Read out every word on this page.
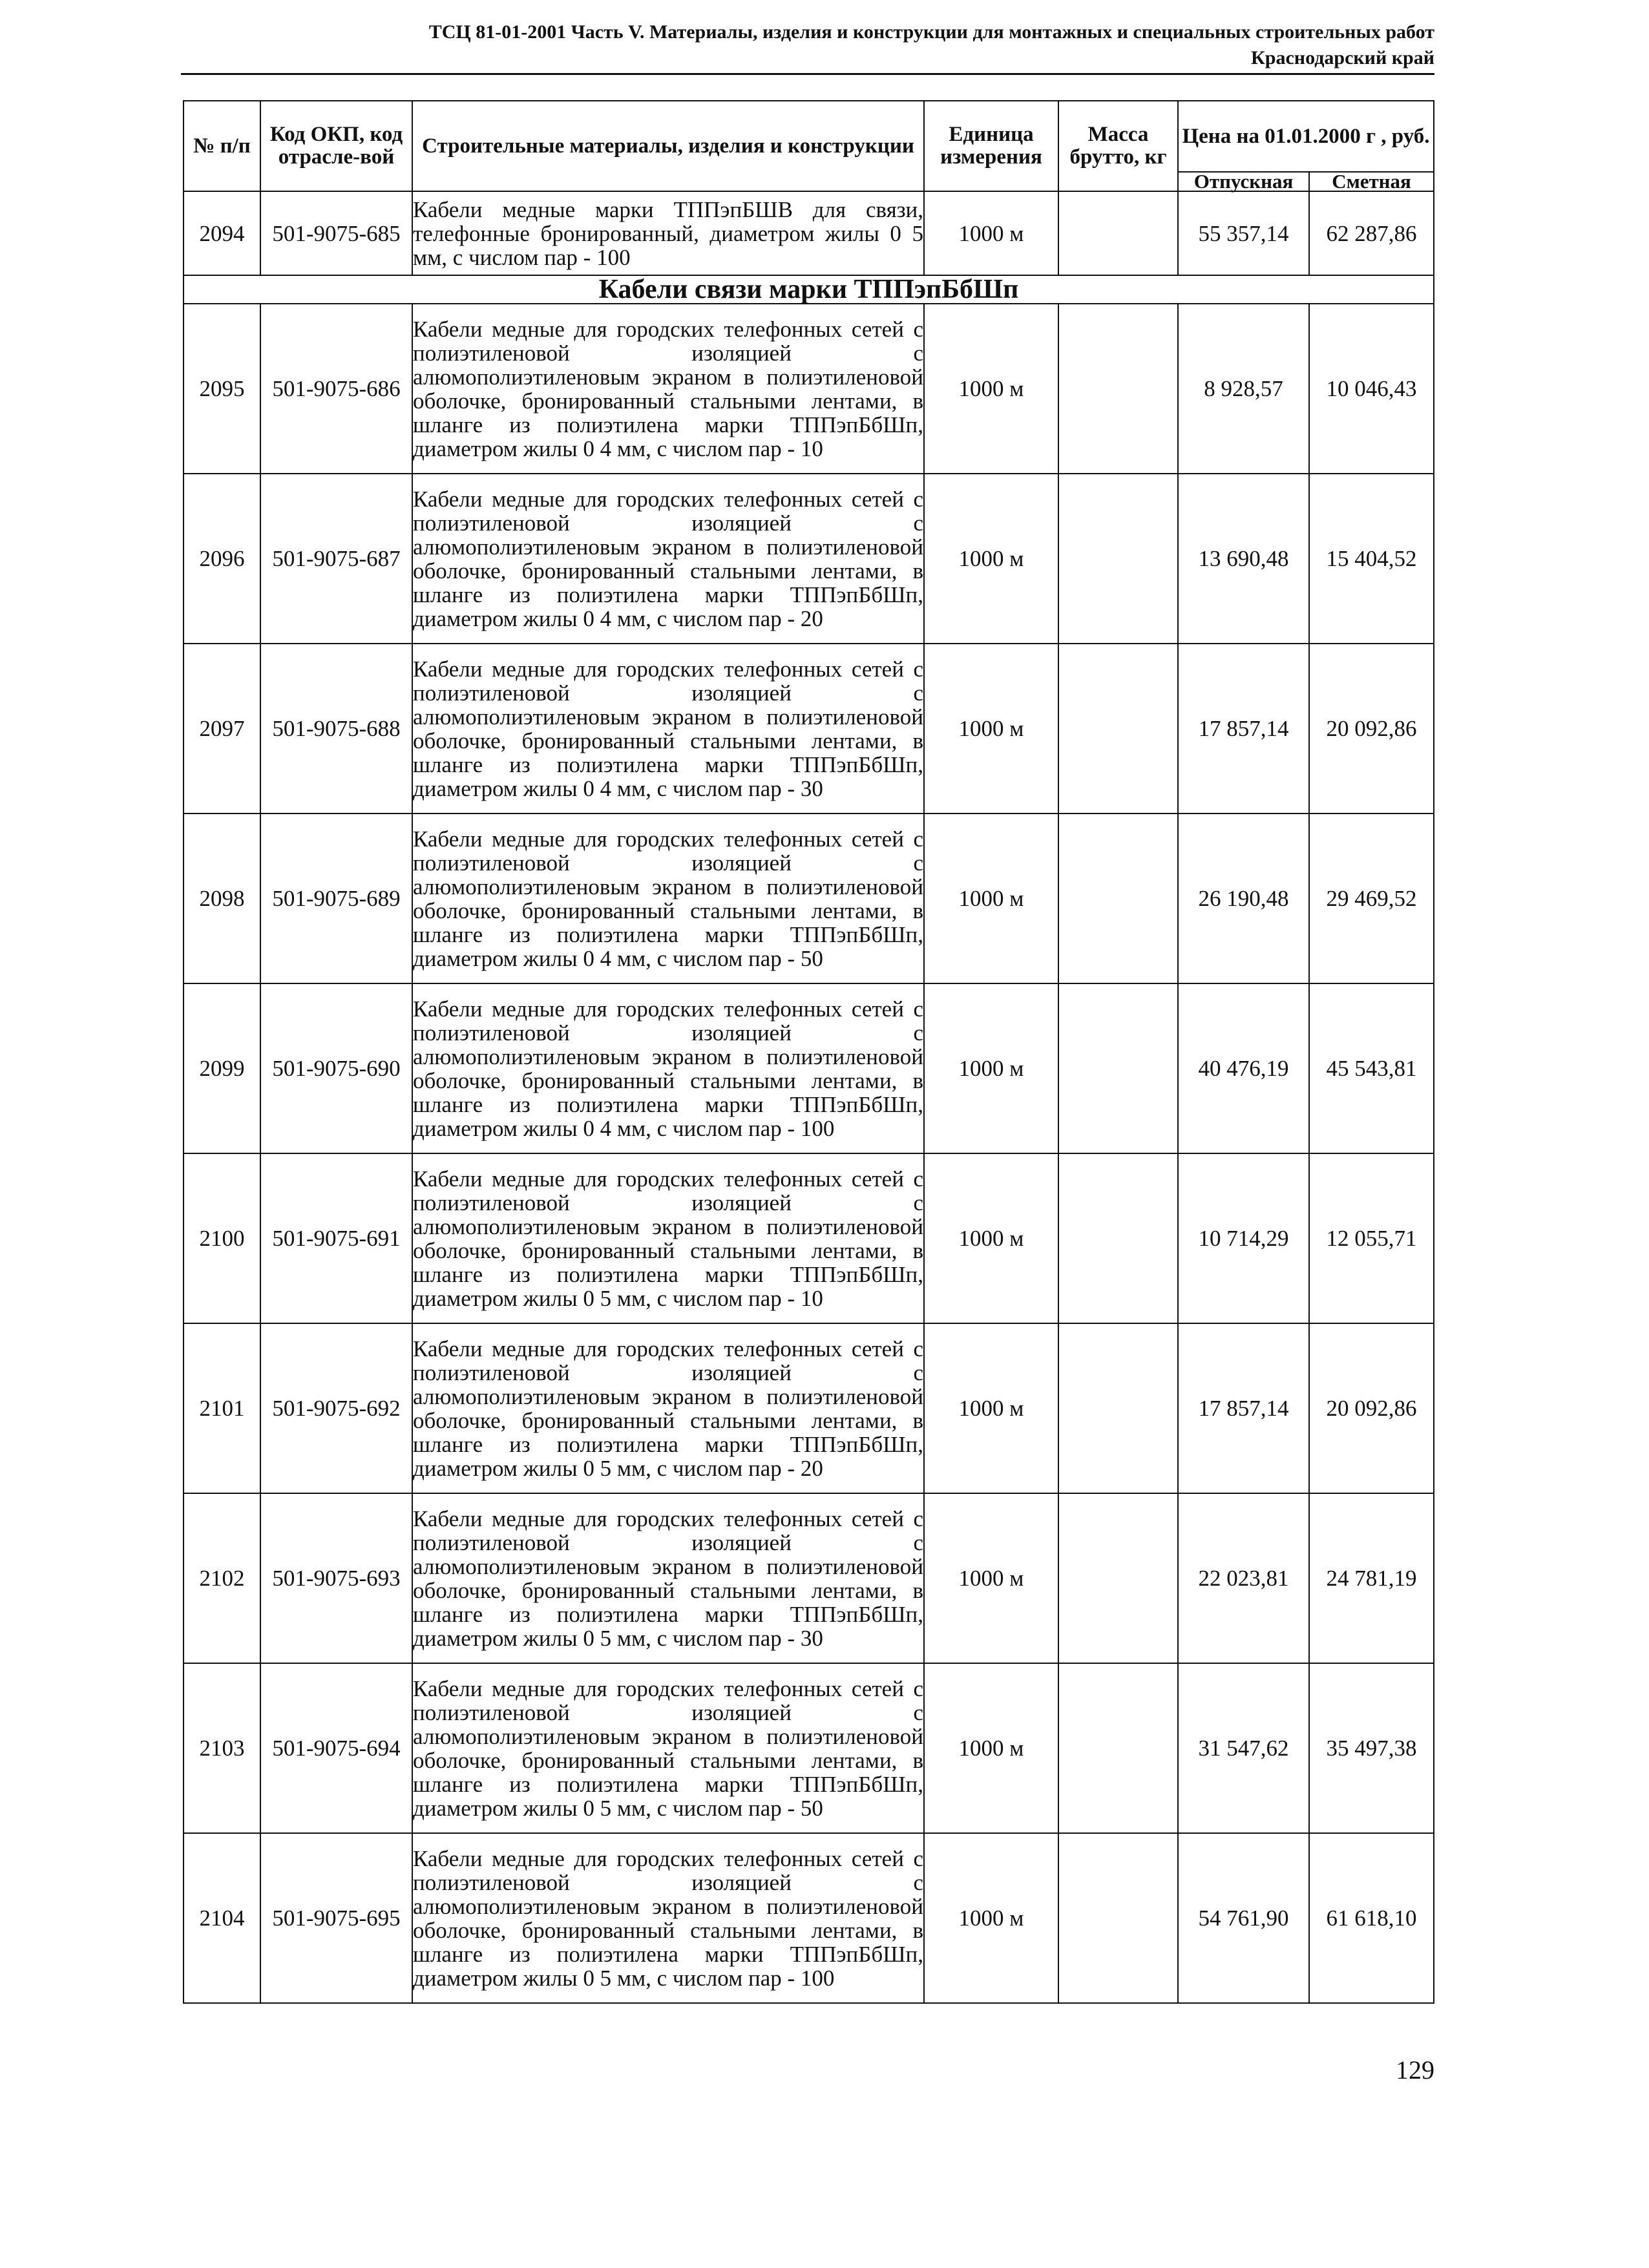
ТСЦ 81-01-2001 Часть V. Материалы, изделия и конструкции для монтажных и специальных строительных работ
Краснодарский край
№ п/п	Код ОКП, код отрасле-вой	Строительные материалы, изделия и конструкции	Единица измерения	Масса брутто, кг	Цена на 01.01.2000 г , руб.	
					Отпускная	Сметная
2094	501-9075-685	Кабели медные марки ТППэпБШВ для связи, телефонные бронированный, диаметром жилы 0 5 мм, с числом пар - 100	1000 м		55 357,14	62 287,86
Кабели связи марки ТППэпБбШп						
2095	501-9075-686	Кабели медные для городских телефонных сетей с полиэтиленовой изоляцией с алюмополиэтиленовым экраном в полиэтиленовой оболочке, бронированный стальными лентами, в шланге из полиэтилена марки ТППэпБбШп, диаметром жилы 0 4 мм, с числом пар - 10	1000 м		8 928,57	10 046,43
2096	501-9075-687	Кабели медные для городских телефонных сетей с полиэтиленовой изоляцией с алюмополиэтиленовым экраном в полиэтиленовой оболочке, бронированный стальными лентами, в шланге из полиэтилена марки ТППэпБбШп, диаметром жилы 0 4 мм, с числом пар - 20	1000 м		13 690,48	15 404,52
2097	501-9075-688	Кабели медные для городских телефонных сетей с полиэтиленовой изоляцией с алюмополиэтиленовым экраном в полиэтиленовой оболочке, бронированный стальными лентами, в шланге из полиэтилена марки ТППэпБбШп, диаметром жилы 0 4 мм, с числом пар - 30	1000 м		17 857,14	20 092,86
2098	501-9075-689	Кабели медные для городских телефонных сетей с полиэтиленовой изоляцией с алюмополиэтиленовым экраном в полиэтиленовой оболочке, бронированный стальными лентами, в шланге из полиэтилена марки ТППэпБбШп, диаметром жилы 0 4 мм, с числом пар - 50	1000 м		26 190,48	29 469,52
2099	501-9075-690	Кабели медные для городских телефонных сетей с полиэтиленовой изоляцией с алюмополиэтиленовым экраном в полиэтиленовой оболочке, бронированный стальными лентами, в шланге из полиэтилена марки ТППэпБбШп, диаметром жилы 0 4 мм, с числом пар - 100	1000 м		40 476,19	45 543,81
2100	501-9075-691	Кабели медные для городских телефонных сетей с полиэтиленовой изоляцией с алюмополиэтиленовым экраном в полиэтиленовой оболочке, бронированный стальными лентами, в шланге из полиэтилена марки ТППэпБбШп, диаметром жилы 0 5 мм, с числом пар - 10	1000 м		10 714,29	12 055,71
2101	501-9075-692	Кабели медные для городских телефонных сетей с полиэтиленовой изоляцией с алюмополиэтиленовым экраном в полиэтиленовой оболочке, бронированный стальными лентами, в шланге из полиэтилена марки ТППэпБбШп, диаметром жилы 0 5 мм, с числом пар - 20	1000 м		17 857,14	20 092,86
2102	501-9075-693	Кабели медные для городских телефонных сетей с полиэтиленовой изоляцией с алюмополиэтиленовым экраном в полиэтиленовой оболочке, бронированный стальными лентами, в шланге из полиэтилена марки ТППэпБбШп, диаметром жилы 0 5 мм, с числом пар - 30	1000 м		22 023,81	24 781,19
2103	501-9075-694	Кабели медные для городских телефонных сетей с полиэтиленовой изоляцией с алюмополиэтиленовым экраном в полиэтиленовой оболочке, бронированный стальными лентами, в шланге из полиэтилена марки ТППэпБбШп, диаметром жилы 0 5 мм, с числом пар - 50	1000 м		31 547,62	35 497,38
2104	501-9075-695	Кабели медные для городских телефонных сетей с полиэтиленовой изоляцией с алюмополиэтиленовым экраном в полиэтиленовой оболочке, бронированный стальными лентами, в шланге из полиэтилена марки ТППэпБбШп, диаметром жилы 0 5 мм, с числом пар - 100	1000 м		54 761,90	61 618,10
129
